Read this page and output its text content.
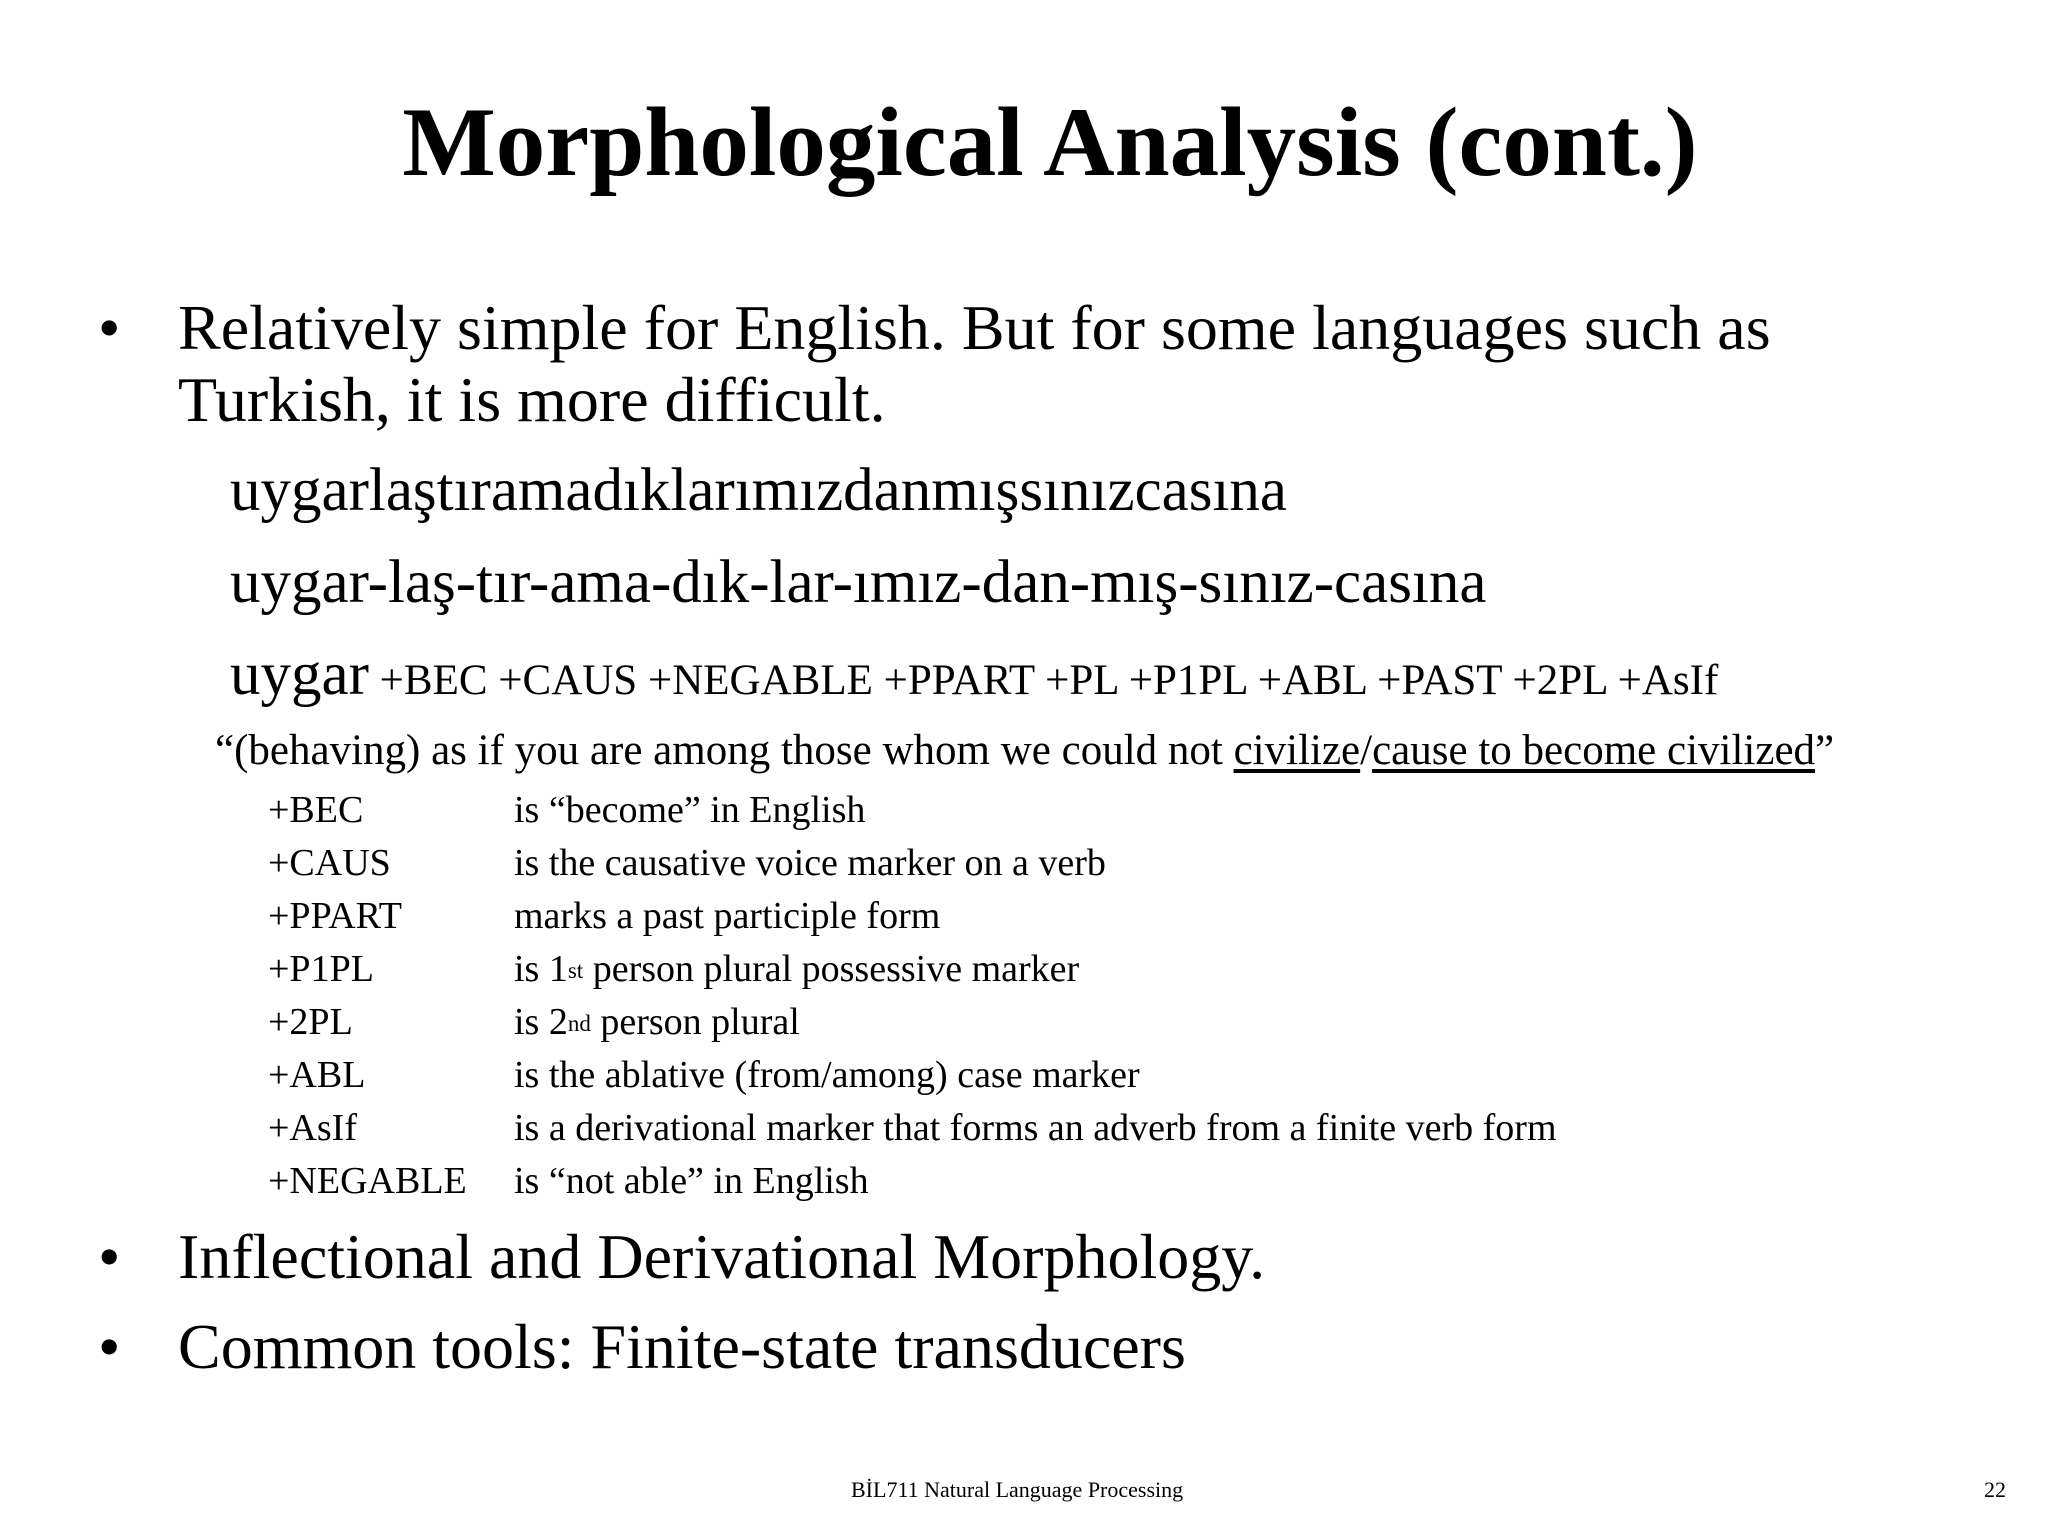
Morphological Analysis (cont.)
• Relatively simple for English. But for some languages such as
Turkish, it is more difficult.
uygarlaştıramadıklarımızdanmışsınızcasına
uygar-laş-tır-ama-dık-lar-ımız-dan-mış-sınız-casına
uygar +BEC +CAUS +NEGABLE +PPART +PL +P1PL +ABL +PAST +2PL +AsIf
“(behaving) as if you are among those whom we could not civilize/cause to become civilized”
+BEC	is “become” in English
+CAUS	is the causative voice marker on a verb
+PPART	marks a past participle form
+P1PL	is 1st person plural possessive marker
+2PL	is 2nd person plural
+ABL	is the ablative (from/among) case marker
+AsIf	is a derivational marker that forms an adverb from a finite verb form
+NEGABLE is “not able” in English
• Inflectional and Derivational Morphology.
• Common tools: Finite-state transducers
BİL711 Natural Language Processing	22
